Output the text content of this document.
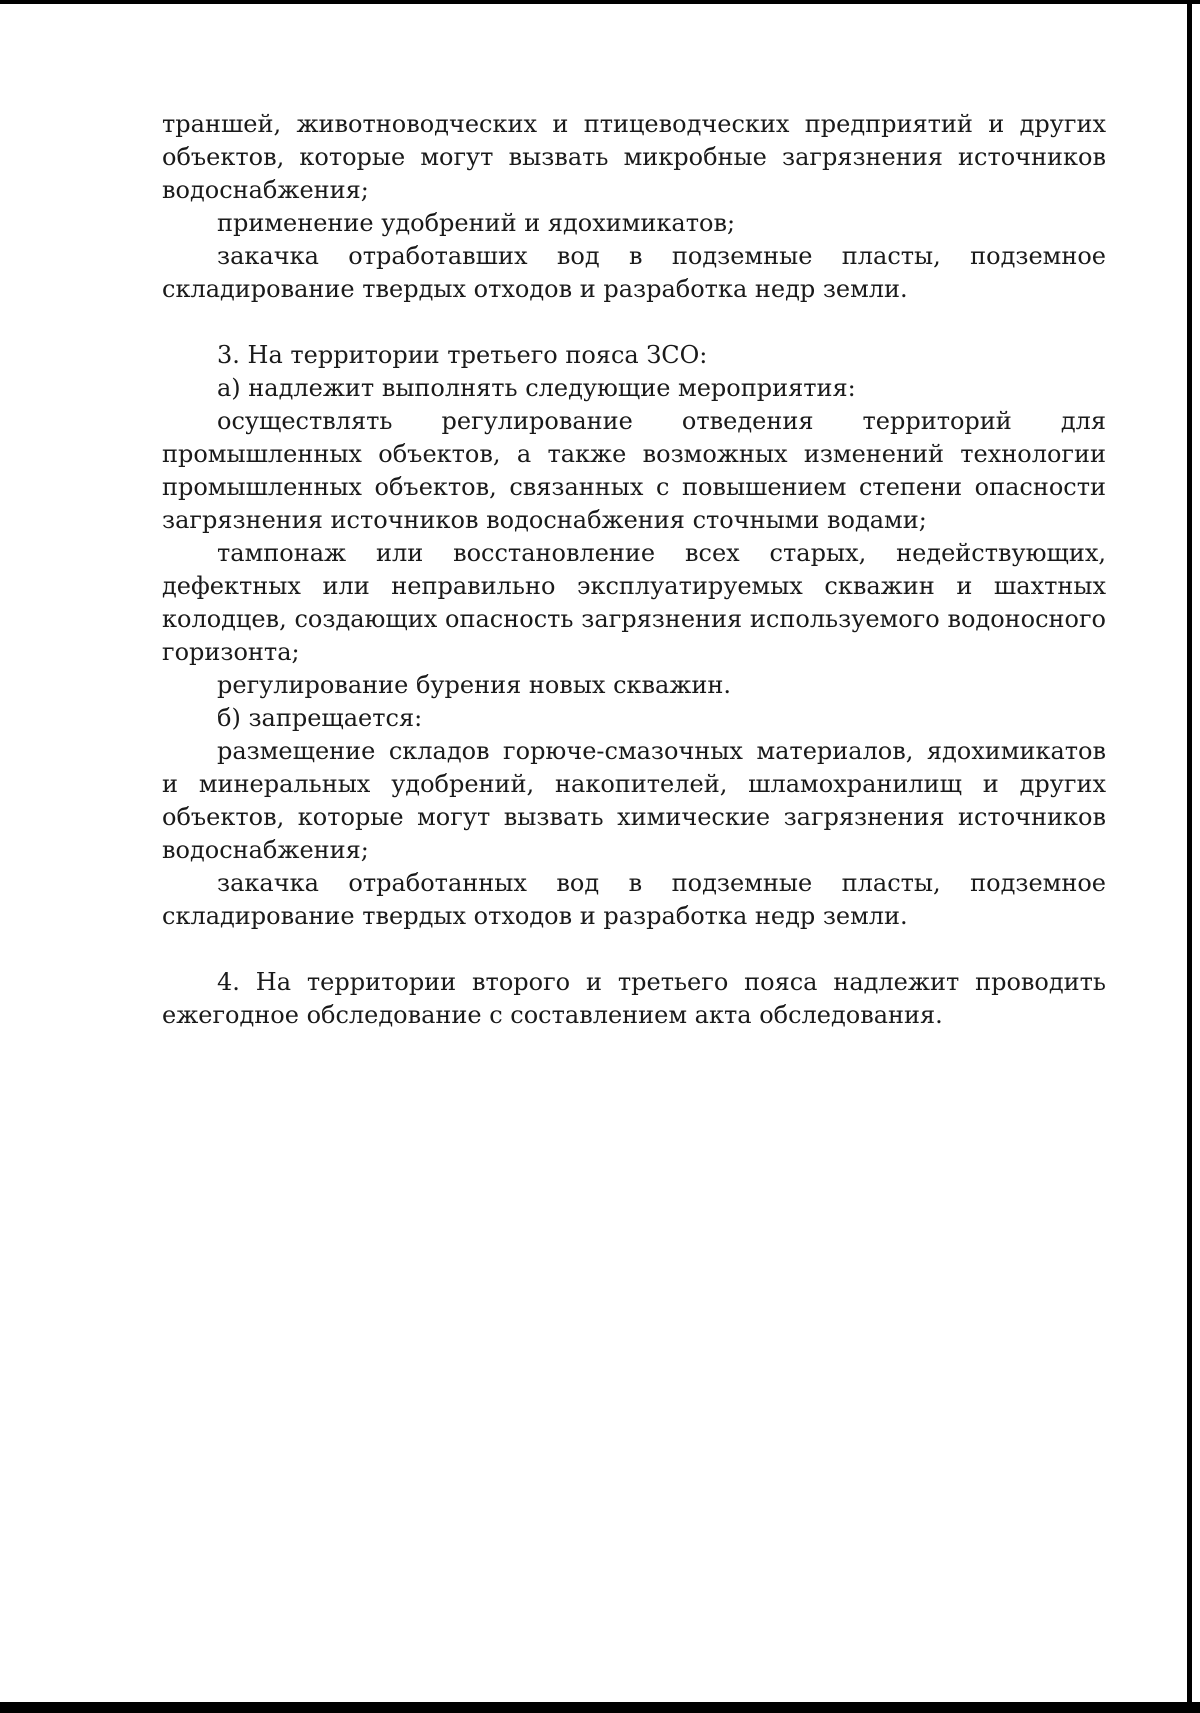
траншей, животноводческих и птицеводческих предприятий и других объектов, которые могут вызвать микробные загрязнения источников водоснабжения;

применение удобрений и ядохимикатов;

закачка отработавших вод в подземные пласты, подземное складирование твердых отходов и разработка недр земли.

3. На территории третьего пояса ЗСО:

а) надлежит выполнять следующие мероприятия:

осуществлять регулирование отведения территорий для промышленных объектов, а также возможных изменений технологии промышленных объектов, связанных с повышением степени опасности загрязнения источников водоснабжения сточными водами;

тампонаж или восстановление всех старых, недействующих, дефектных или неправильно эксплуатируемых скважин и шахтных колодцев, создающих опасность загрязнения используемого водоносного горизонта;

регулирование бурения новых скважин.

б) запрещается:

размещение складов горюче-смазочных материалов, ядохимикатов и минеральных удобрений, накопителей, шламохранилищ и других объектов, которые могут вызвать химические загрязнения источников водоснабжения;

закачка отработанных вод в подземные пласты, подземное складирование твердых отходов и разработка недр земли.

4. На территории второго и третьего пояса надлежит проводить ежегодное обследование с составлением акта обследования.
